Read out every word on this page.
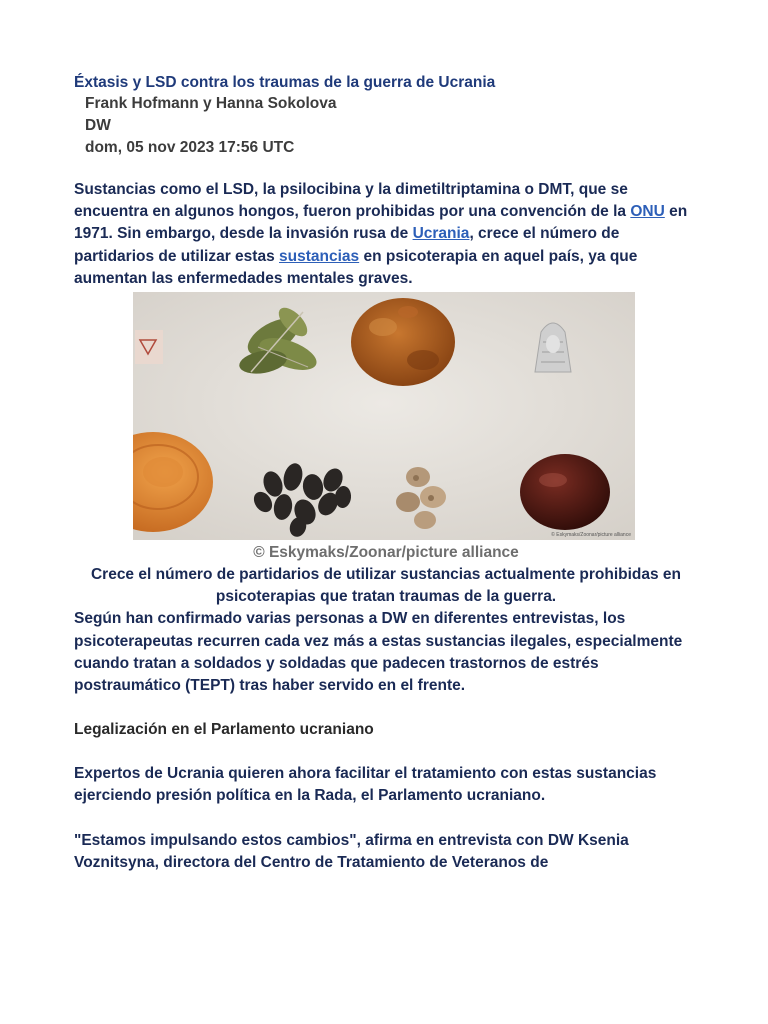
Éxtasis y LSD contra los traumas de la guerra de Ucrania
Frank Hofmann y Hanna Sokolova
DW
dom, 05 nov 2023 17:56 UTC

Sustancias como el LSD, la psilocibina y la dimetiltriptamina o DMT, que se encuentra en algunos hongos, fueron prohibidas por una convención de la ONU en 1971. Sin embargo, desde la invasión rusa de Ucrania, crece el número de partidarios de utilizar estas sustancias en psicoterapia en aquel país, ya que aumentan las enfermedades mentales graves.

© Eskymaks/Zoonar/picture alliance
© Eskymaks/Zoonar/picture alliance

Crece el número de partidarios de utilizar sustancias actualmente prohibidas en psicoterapias que tratan traumas de la guerra.

Según han confirmado varias personas a DW en diferentes entrevistas, los psicoterapeutas recurren cada vez más a estas sustancias ilegales, especialmente cuando tratan a soldados y soldadas que padecen trastornos de estrés postraumático (TEPT) tras haber servido en el frente.

Legalización en el Parlamento ucraniano

Expertos de Ucrania quieren ahora facilitar el tratamiento con estas sustancias ejerciendo presión política en la Rada, el Parlamento ucraniano.

"Estamos impulsando estos cambios", afirma en entrevista con DW Ksenia Voznitsyna, directora del Centro de Tratamiento de Veteranos de
